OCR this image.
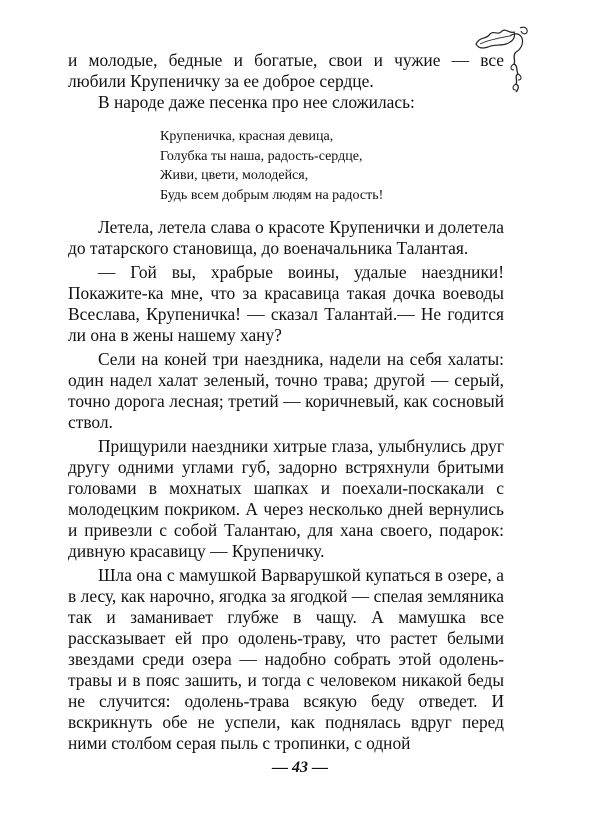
и молодые, бедные и богатые, свои и чужие — все любили Крупеничку за ее доброе сердце.

В народе даже песенка про нее сложилась:

Крупеничка, красная девица,
Голубка ты наша, радость-сердце,
Живи, цвети, молодейся,
Будь всем добрым людям на радость!

Летела, летела слава о красоте Крупенички и долетела до татарского становища, до военачальника Талантая.

— Гой вы, храбрые воины, удалые наездники! Покажите-ка мне, что за красавица такая дочка воеводы Всеслава, Крупеничка! — сказал Талантай.— Не годится ли она в жены нашему хану?

Сели на коней три наездника, надели на себя халаты: один надел халат зеленый, точно трава; другой — серый, точно дорога лесная; третий — коричневый, как сосновый ствол.

Прищурили наездники хитрые глаза, улыбнулись друг другу одними углами губ, задорно встряхнули бритыми головами в мохнатых шапках и поехали-поскакали с молодецким покриком. А через несколько дней вернулись и привезли с собой Талантаю, для хана своего, подарок: дивную красавицу — Крупеничку.

Шла она с мамушкой Варварушкой купаться в озере, а в лесу, как нарочно, ягодка за ягодкой — спелая земляника так и заманивает глубже в чащу. А мамушка все рассказывает ей про одолень-траву, что растет белыми звездами среди озера — надобно собрать этой одолень-травы и в пояс зашить, и тогда с человеком никакой беды не случится: одолень-трава всякую беду отведет. И вскрикнуть обе не успели, как поднялась вдруг перед ними столбом серая пыль с тропинки, с одной

— 43 —
